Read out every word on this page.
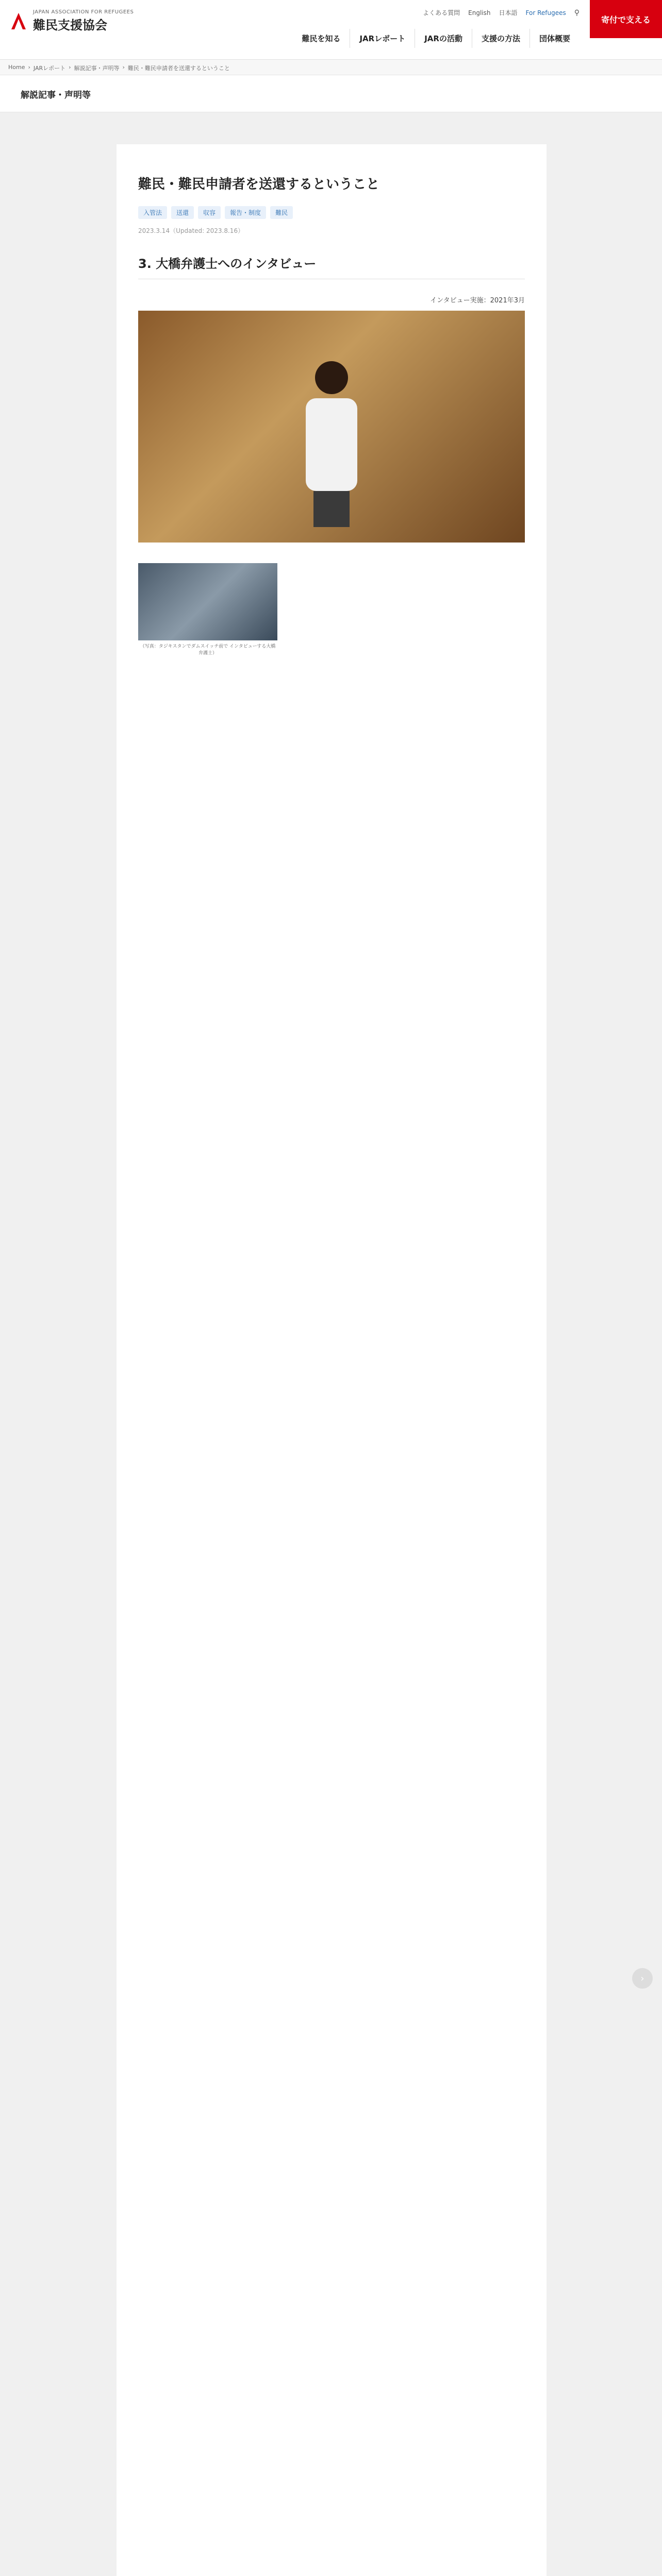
JAPAN ASSOCIATION FOR REFUGEES
難民支援協会
よくある質問 English 日本語 For Refugees ⚲
難民を知る	JARレポート	JARの活動	支援の方法	団体概要
寄付で支える
Home › JARレポート › 解説記事・声明等 › 難民・難民申請者を送還するということ
解説記事・声明等
難民・難民申請者を送還するということ
入管法	送還	収容	報告・制度	難民
2023.3.14（Updated: 2023.8.16）
3. 大橋弁護士へのインタビュー
インタビュー実施：2021年3月

（写真：タジキスタンでダムスイッチ前で インタビューする大橋弁護士）

›
